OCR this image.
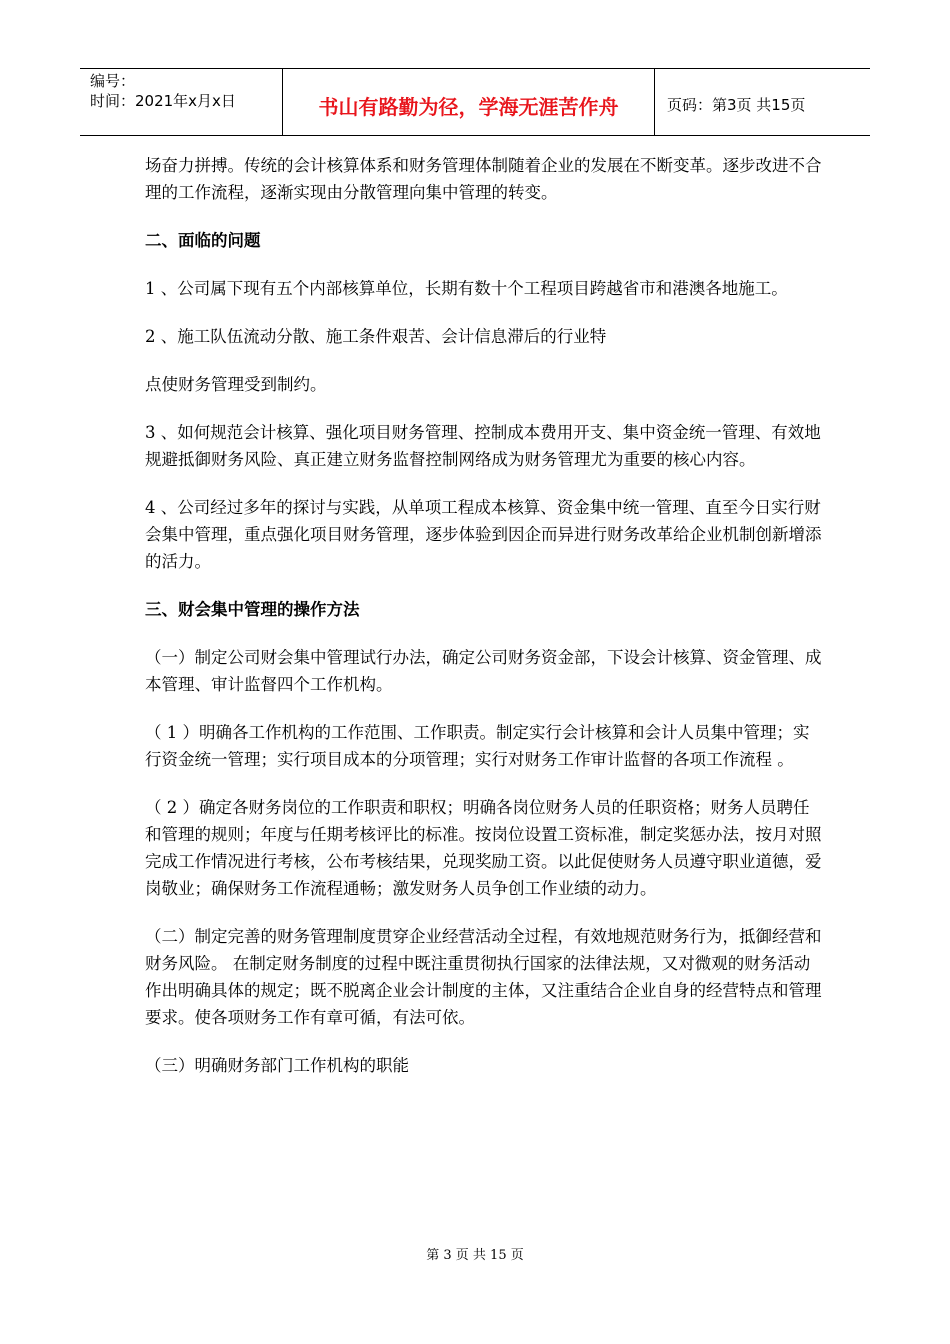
编号：
时间：2021年x月x日	书山有路勤为径，学海无涯苦作舟	页码：第3页 共15页

场奋力拼搏。传统的会计核算体系和财务管理体制随着企业的发展在不断变革。逐步改进不合理的工作流程，逐渐实现由分散管理向集中管理的转变。

二、面临的问题

1 、公司属下现有五个内部核算单位，长期有数十个工程项目跨越省市和港澳各地施工。

2 、施工队伍流动分散、施工条件艰苦、会计信息滞后的行业特

点使财务管理受到制约。

3 、如何规范会计核算、强化项目财务管理、控制成本费用开支、集中资金统一管理、有效地规避抵御财务风险、真正建立财务监督控制网络成为财务管理尤为重要的核心内容。

4 、公司经过多年的探讨与实践，从单项工程成本核算、资金集中统一管理、直至今日实行财会集中管理，重点强化项目财务管理，逐步体验到因企而异进行财务改革给企业机制创新增添的活力。

三、财会集中管理的操作方法

（一）制定公司财会集中管理试行办法，确定公司财务资金部，下设会计核算、资金管理、成本管理、审计监督四个工作机构。

（ 1 ）明确各工作机构的工作范围、工作职责。制定实行会计核算和会计人员集中管理；实行资金统一管理；实行项目成本的分项管理；实行对财务工作审计监督的各项工作流程 。

（ 2 ）确定各财务岗位的工作职责和职权；明确各岗位财务人员的任职资格；财务人员聘任和管理的规则；年度与任期考核评比的标准。按岗位设置工资标准，制定奖惩办法，按月对照完成工作情况进行考核，公布考核结果，兑现奖励工资。以此促使财务人员遵守职业道德，爱岗敬业；确保财务工作流程通畅；激发财务人员争创工作业绩的动力。

（二）制定完善的财务管理制度贯穿企业经营活动全过程，有效地规范财务行为，抵御经营和财务风险。 在制定财务制度的过程中既注重贯彻执行国家的法律法规，又对微观的财务活动作出明确具体的规定；既不脱离企业会计制度的主体，又注重结合企业自身的经营特点和管理要求。使各项财务工作有章可循，有法可依。

（三）明确财务部门工作机构的职能

第 3 页 共 15 页
